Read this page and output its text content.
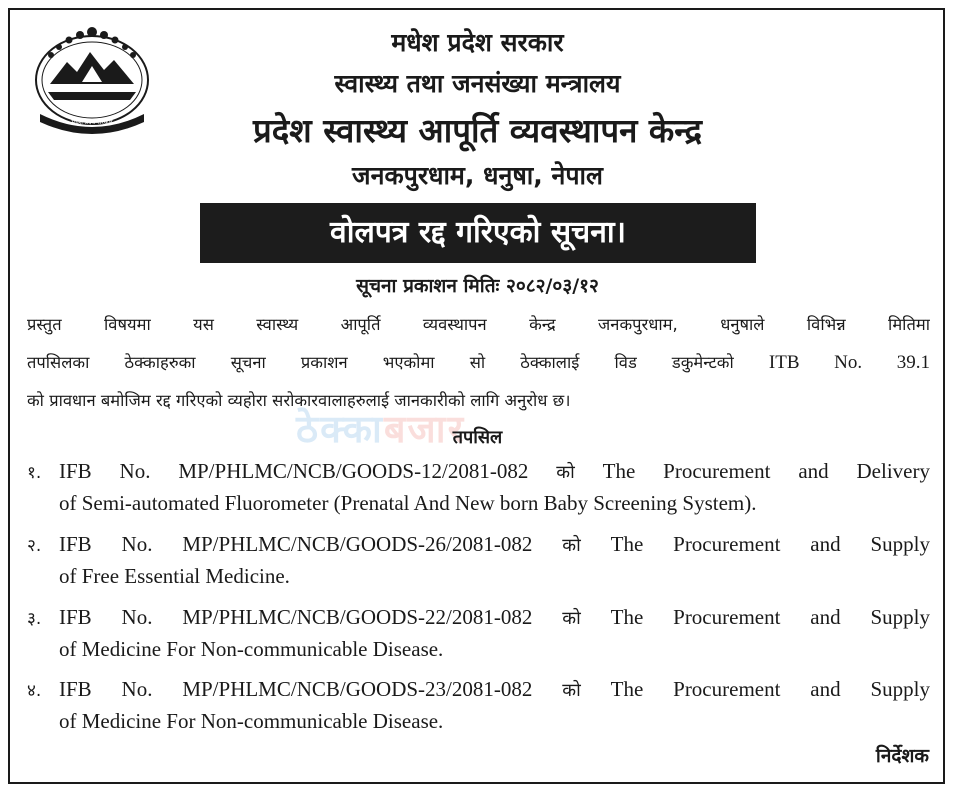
मधेश प्रदेश सरकार
मधेश प्रदेश सरकार
स्वास्थ्य तथा जनसंख्या मन्त्रालय
प्रदेश स्वास्थ्य आपूर्ति व्यवस्थापन केन्द्र
जनकपुरधाम, धनुषा, नेपाल
वोलपत्र रद्द गरिएको सूचना।
सूचना प्रकाशन मितिः २०८२/०३/१२
प्रस्तुत विषयमा यस स्वास्थ्य आपूर्ति व्यवस्थापन केन्द्र जनकपुरधाम, धनुषाले विभिन्न मितिमा
तपसिलका ठेक्काहरुका सूचना प्रकाशन भएकोमा सो ठेक्कालाई विड डकुमेन्टको ITB No. 39.1
को प्रावधान बमोजिम रद्द गरिएको व्यहोरा सरोकारवालाहरुलाई जानकारीको लागि अनुरोध छ।
ठेक्काबजार
तपसिल
१. IFB No. MP/PHLMC/NCB/GOODS-12/2081-082 को The Procurement and Delivery
of Semi-automated Fluorometer (Prenatal And New born Baby Screening System).
२. IFB No. MP/PHLMC/NCB/GOODS-26/2081-082 को The Procurement and Supply
of Free Essential Medicine.
३. IFB No. MP/PHLMC/NCB/GOODS-22/2081-082 को The Procurement and Supply
of Medicine For Non-communicable Disease.
४. IFB No. MP/PHLMC/NCB/GOODS-23/2081-082 को The Procurement and Supply
of Medicine For Non-communicable Disease.
निर्देशक
